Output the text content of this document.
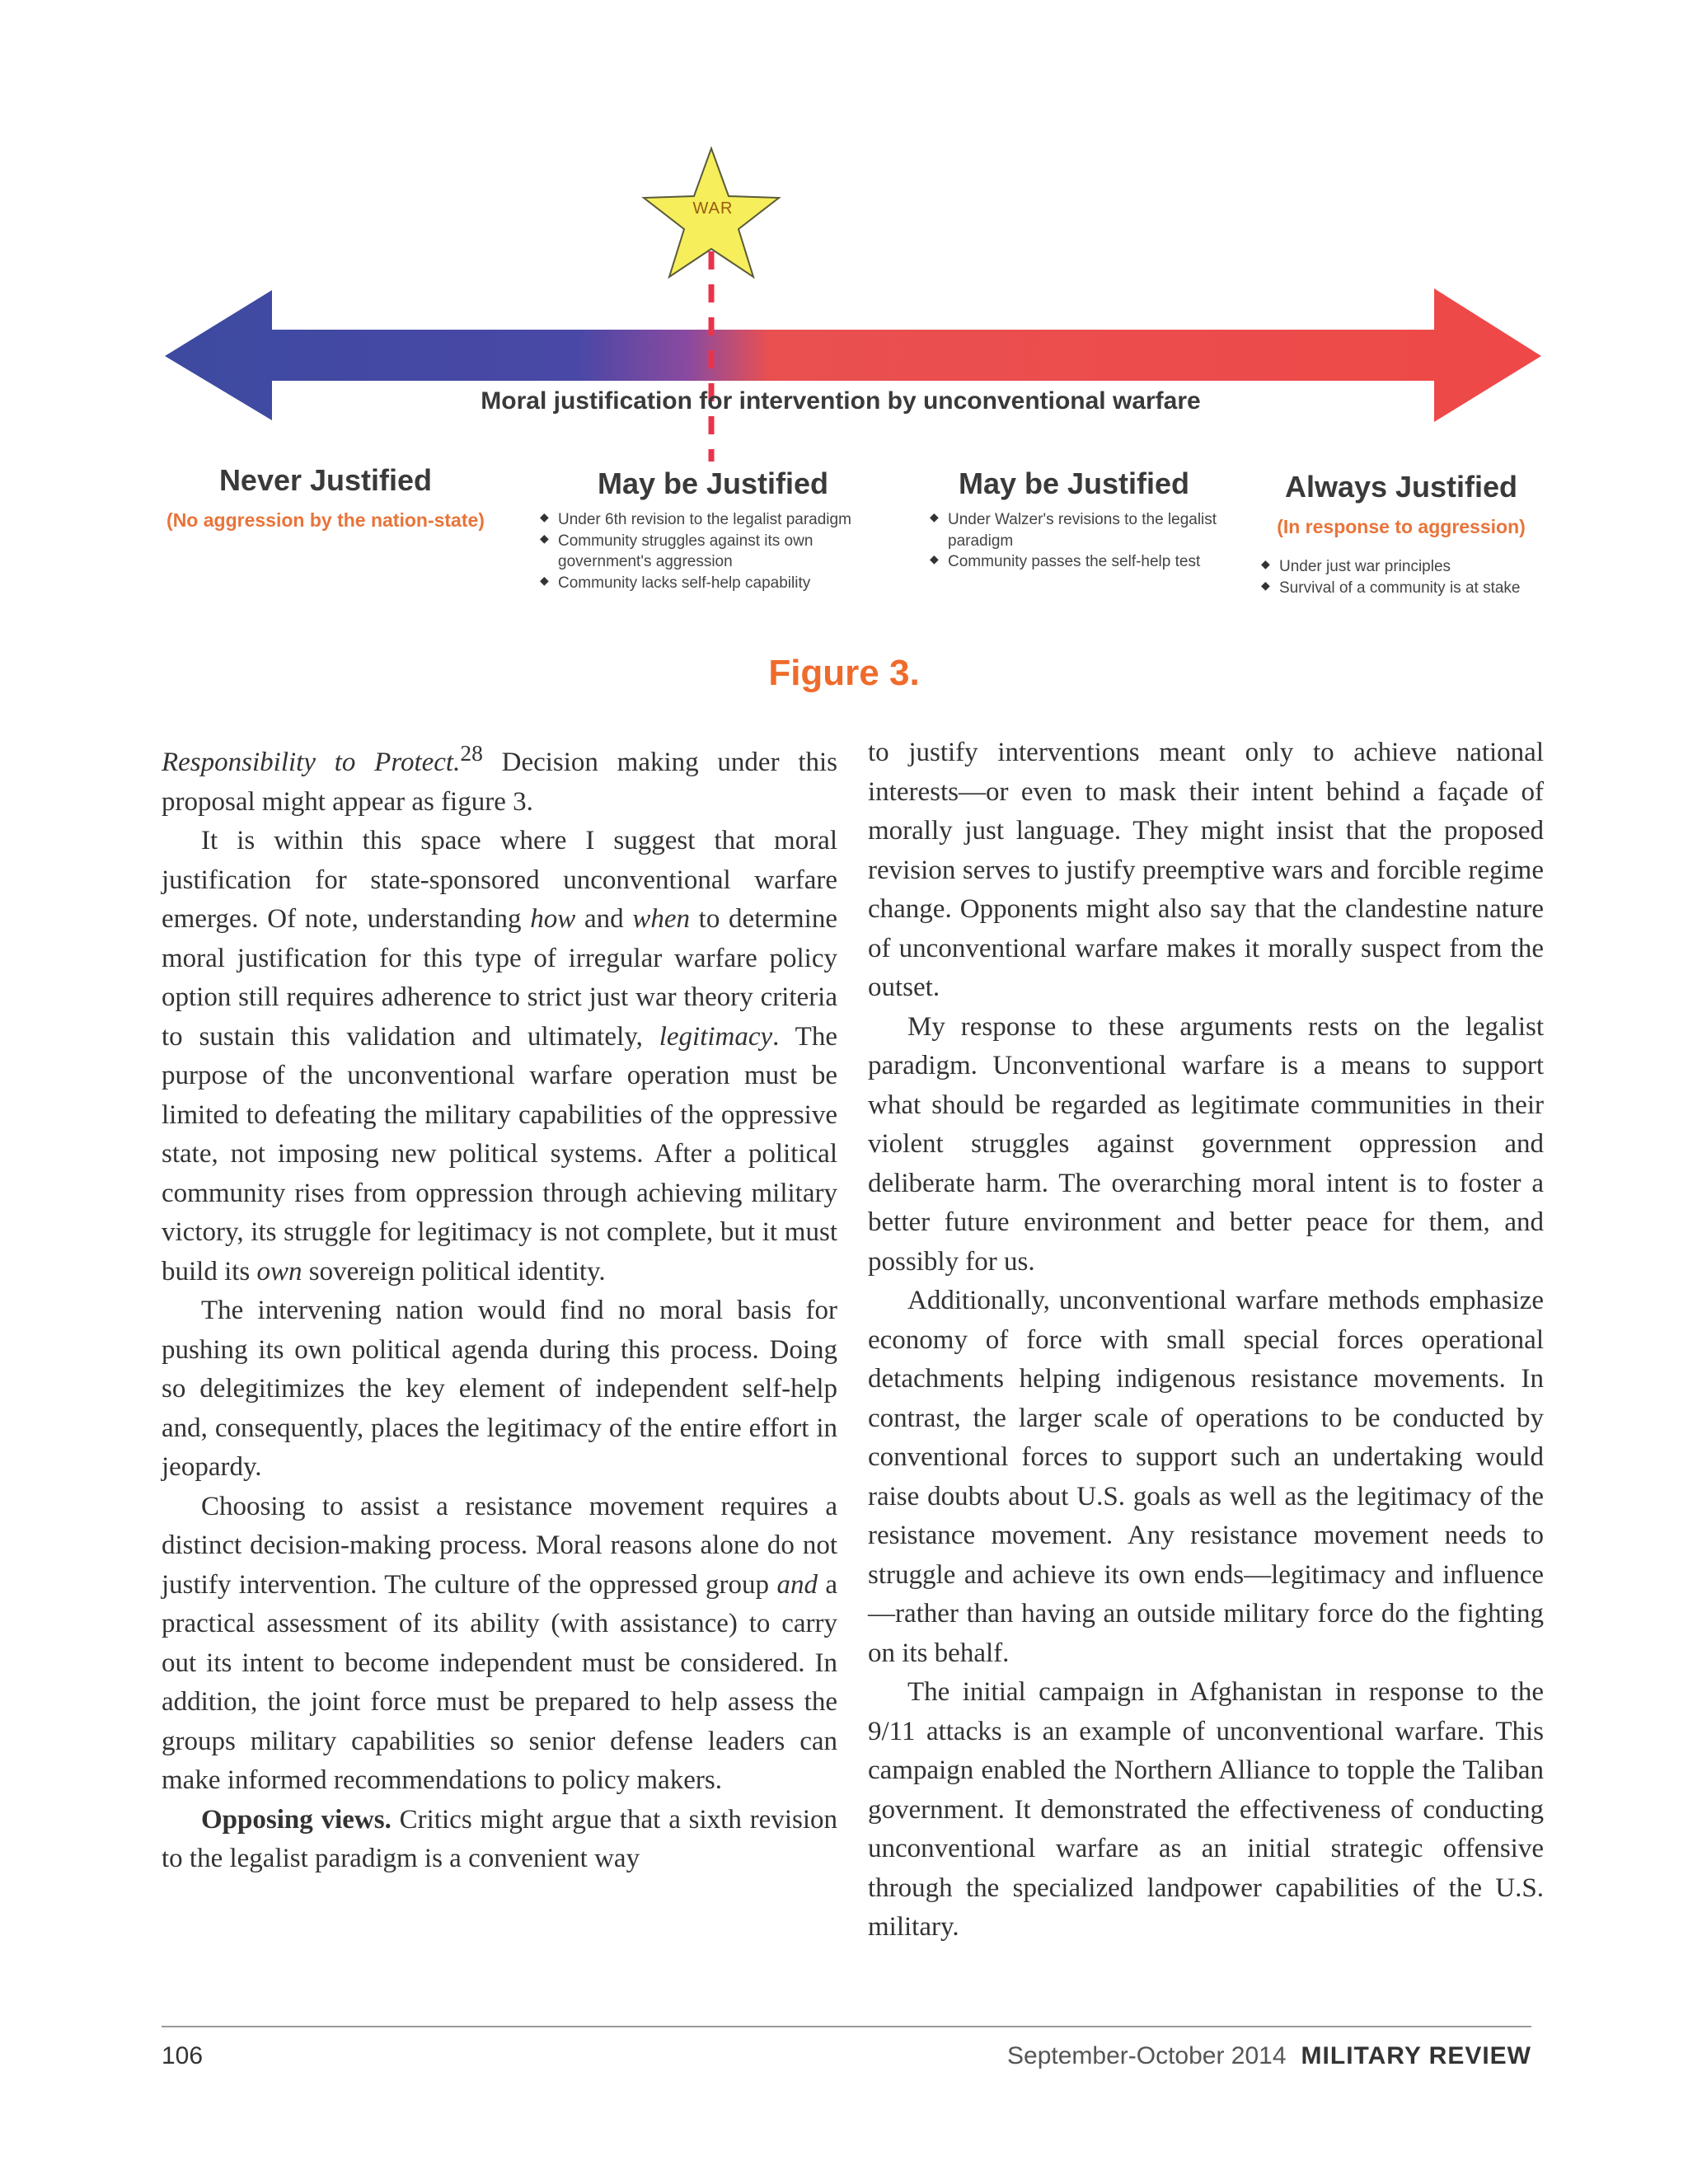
WAR
Moral justification for intervention by unconventional warfare
Never Justified
(No aggression by the nation-state)
May be Justified
◆ Under 6th revision to the legalist paradigm
◆ Community struggles against its own government's aggression
◆ Community lacks self-help capability
May be Justified
◆ Under Walzer's revisions to the legalist paradigm
◆ Community passes the self-help test
Always Justified
(In response to aggression)
◆ Under just war principles
◆ Survival of a community is at stake
Figure 3.

Responsibility to Protect.$^{28}$ Decision making under this proposal might appear as figure 3.

It is within this space where I suggest that moral justification for state-sponsored unconventional warfare emerges. Of note, understanding how and when to determine moral justification for this type of irregular warfare policy option still requires adherence to strict just war theory criteria to sustain this validation and ultimately, legitimacy. The purpose of the unconventional warfare operation must be limited to defeating the military capabilities of the oppressive state, not imposing new political systems. After a political community rises from oppression through achieving military victory, its struggle for legitimacy is not complete, but it must build its own sovereign political identity.

The intervening nation would find no moral basis for pushing its own political agenda during this process. Doing so delegitimizes the key element of independent self-help and, consequently, places the legitimacy of the entire effort in jeopardy.

Choosing to assist a resistance movement requires a distinct decision-making process. Moral reasons alone do not justify intervention. The culture of the oppressed group and a practical assessment of its ability (with assistance) to carry out its intent to become independent must be considered. In addition, the joint force must be prepared to help assess the groups military capabilities so senior defense leaders can make informed recommendations to policy makers.

Opposing views. Critics might argue that a sixth revision to the legalist paradigm is a convenient way

to justify interventions meant only to achieve national interests—or even to mask their intent behind a façade of morally just language. They might insist that the proposed revision serves to justify preemptive wars and forcible regime change. Opponents might also say that the clandestine nature of unconventional warfare makes it morally suspect from the outset.

My response to these arguments rests on the legalist paradigm. Unconventional warfare is a means to support what should be regarded as legitimate communities in their violent struggles against government oppression and deliberate harm. The overarching moral intent is to foster a better future environment and better peace for them, and possibly for us.

Additionally, unconventional warfare methods emphasize economy of force with small special forces operational detachments helping indigenous resistance movements. In contrast, the larger scale of operations to be conducted by conventional forces to support such an undertaking would raise doubts about U.S. goals as well as the legitimacy of the resistance movement. Any resistance movement needs to struggle and achieve its own ends—legitimacy and influence—rather than having an outside military force do the fighting on its behalf.

The initial campaign in Afghanistan in response to the 9/11 attacks is an example of unconventional warfare. This campaign enabled the Northern Alliance to topple the Taliban government. It demonstrated the effectiveness of conducting unconventional warfare as an initial strategic offensive through the specialized landpower capabilities of the U.S. military.

106	September-October 2014 MILITARY REVIEW
